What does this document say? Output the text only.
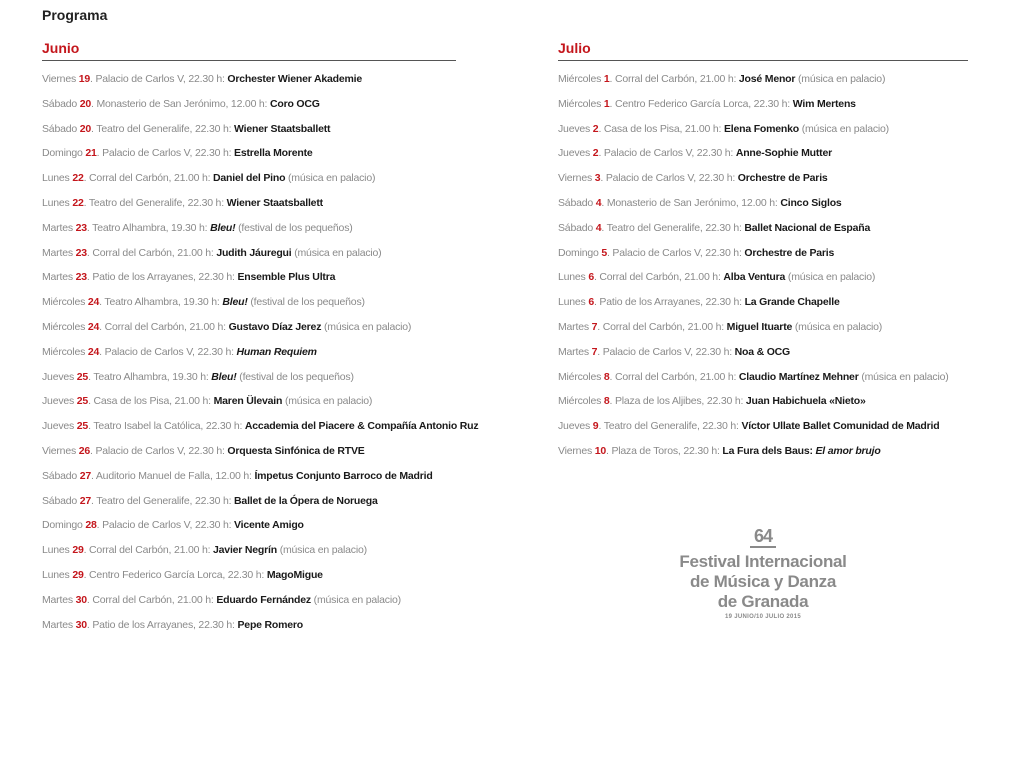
Programa
Junio
Viernes 19. Palacio de Carlos V, 22.30 h: Orchester Wiener Akademie
Sábado 20. Monasterio de San Jerónimo, 12.00 h: Coro OCG
Sábado 20. Teatro del Generalife, 22.30 h: Wiener Staatsballett
Domingo 21. Palacio de Carlos V, 22.30 h: Estrella Morente
Lunes 22. Corral del Carbón, 21.00 h: Daniel del Pino (música en palacio)
Lunes 22. Teatro del Generalife, 22.30 h: Wiener Staatsballett
Martes 23. Teatro Alhambra, 19.30 h: Bleu! (festival de los pequeños)
Martes 23. Corral del Carbón, 21.00 h: Judith Jáuregui (música en palacio)
Martes 23. Patio de los Arrayanes, 22.30 h: Ensemble Plus Ultra
Miércoles 24. Teatro Alhambra, 19.30 h: Bleu! (festival de los pequeños)
Miércoles 24. Corral del Carbón, 21.00 h: Gustavo Díaz Jerez (música en palacio)
Miércoles 24. Palacio de Carlos V, 22.30 h: Human Requiem
Jueves 25. Teatro Alhambra, 19.30 h: Bleu! (festival de los pequeños)
Jueves 25. Casa de los Pisa, 21.00 h: Maren Ülevain (música en palacio)
Jueves 25. Teatro Isabel la Católica, 22.30 h: Accademia del Piacere & Compañía Antonio Ruz
Viernes 26. Palacio de Carlos V, 22.30 h: Orquesta Sinfónica de RTVE
Sábado 27. Auditorio Manuel de Falla, 12.00 h: Ímpetus Conjunto Barroco de Madrid
Sábado 27. Teatro del Generalife, 22.30 h: Ballet de la Ópera de Noruega
Domingo 28. Palacio de Carlos V, 22.30 h: Vicente Amigo
Lunes 29. Corral del Carbón, 21.00 h: Javier Negrín (música en palacio)
Lunes 29. Centro Federico García Lorca, 22.30 h: MagoMigue
Martes 30. Corral del Carbón, 21.00 h: Eduardo Fernández (música en palacio)
Martes 30. Patio de los Arrayanes, 22.30 h: Pepe Romero
Julio
Miércoles 1. Corral del Carbón, 21.00 h: José Menor (música en palacio)
Miércoles 1. Centro Federico García Lorca, 22.30 h: Wim Mertens
Jueves 2. Casa de los Pisa, 21.00 h: Elena Fomenko (música en palacio)
Jueves 2. Palacio de Carlos V, 22.30 h: Anne-Sophie Mutter
Viernes 3. Palacio de Carlos V, 22.30 h: Orchestre de Paris
Sábado 4. Monasterio de San Jerónimo, 12.00 h: Cinco Siglos
Sábado 4. Teatro del Generalife, 22.30 h: Ballet Nacional de España
Domingo 5. Palacio de Carlos V, 22.30 h: Orchestre de Paris
Lunes 6. Corral del Carbón, 21.00 h: Alba Ventura (música en palacio)
Lunes 6. Patio de los Arrayanes, 22.30 h: La Grande Chapelle
Martes 7. Corral del Carbón, 21.00 h: Miguel Ituarte (música en palacio)
Martes 7. Palacio de Carlos V, 22.30 h: Noa & OCG
Miércoles 8. Corral del Carbón, 21.00 h: Claudio Martínez Mehner (música en palacio)
Miércoles 8. Plaza de los Aljibes, 22.30 h: Juan Habichuela «Nieto»
Jueves 9. Teatro del Generalife, 22.30 h: Víctor Ullate Ballet Comunidad de Madrid
Viernes 10. Plaza de Toros, 22.30 h: La Fura dels Baus: El amor brujo
64
Festival Internacional
de Música y Danza
de Granada
19 JUNIO/10 JULIO 2015
